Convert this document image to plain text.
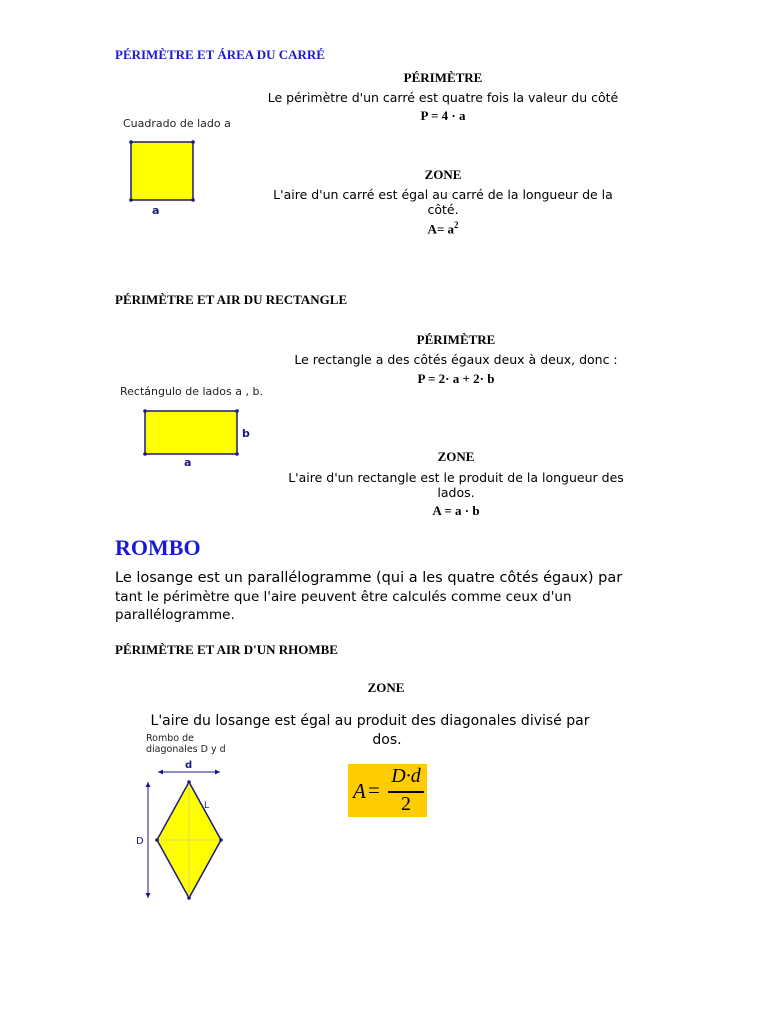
PÉRIMÈTRE ET ÁREA DU CARRÉ
PÉRIMÈTRE
Le périmètre d'un carré est quatre fois la valeur du côté
P = 4 · a
Cuadrado de lado a
a
ZONE
L'aire d'un carré est égal au carré de la longueur de la
côté.
$A= a^2$
PÉRIMÈTRE ET AIR DU RECTANGLE
PÉRIMÈTRE
Le rectangle a des côtés égaux deux à deux, donc :
P = 2· a + 2· b
Rectángulo de lados a , b.
a
b
ZONE
L'aire d'un rectangle est le produit de la longueur des
lados.
A = a · b
ROMBO
Le losange est un parallélogramme (qui a les quatre côtés égaux) par
tant le périmètre que l'aire peuvent être calculés comme ceux d'un
parallélogramme.
PÉRIMÈTRE ET AIR D'UN RHOMBE
ZONE
L'aire du losange est égal au produit des diagonales divisé par
dos.
Rombo de
diagonales D y d
d
D
L
A =
D·d
2
